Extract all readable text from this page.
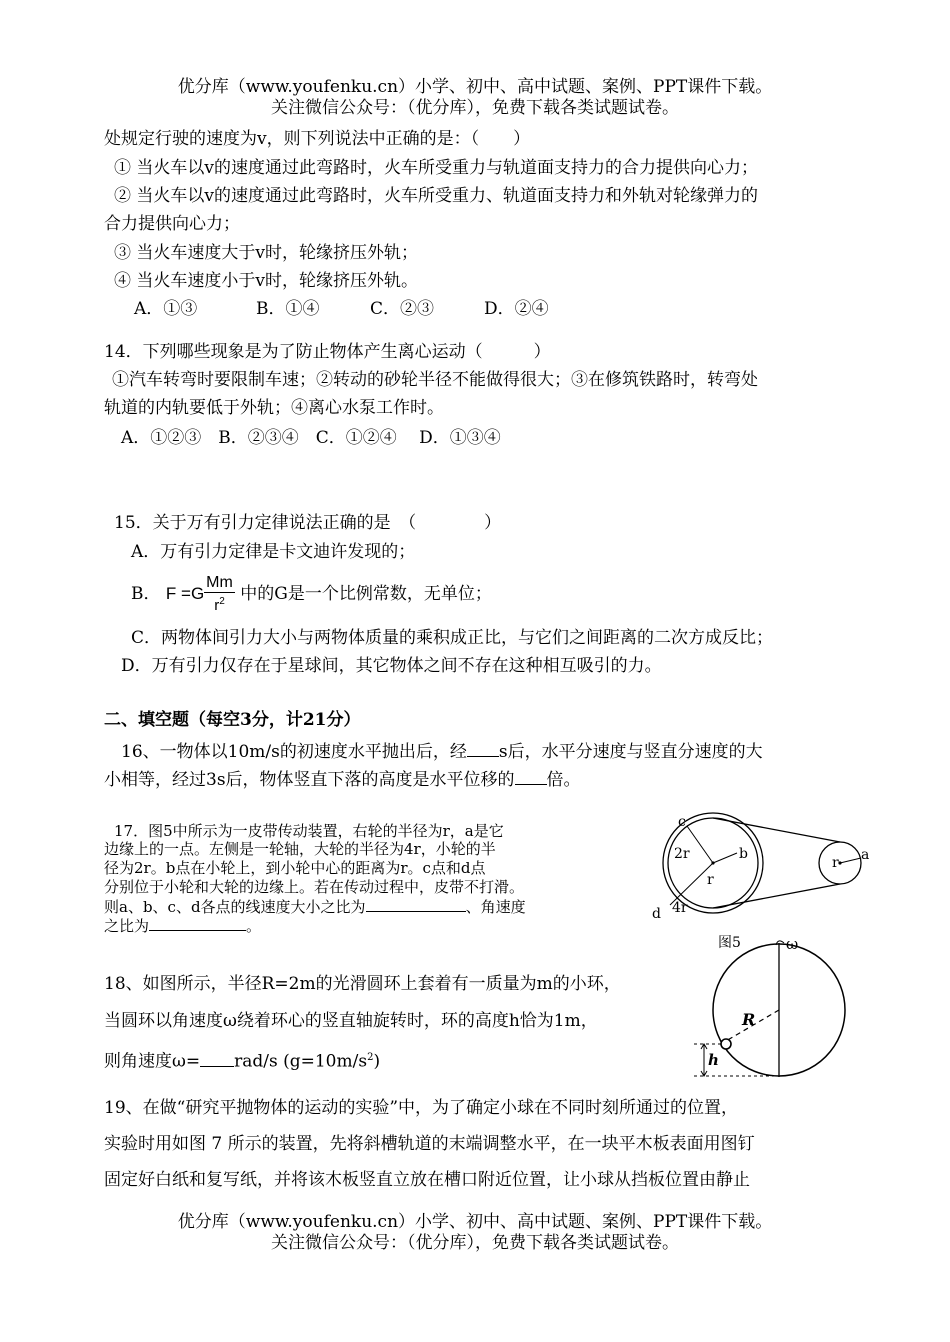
优分库（www.youfenku.cn）小学、初中、高中试题、案例、PPT课件下载。
关注微信公众号：（优分库），免费下载各类试题试卷。
处规定行驶的速度为v，则下列说法中正确的是：（　　）
① 当火车以v的速度通过此弯路时，火车所受重力与轨道面支持力的合力提供向心力；
② 当火车以v的速度通过此弯路时，火车所受重力、轨道面支持力和外轨对轮缘弹力的
合力提供向心力；
③ 当火车速度大于v时，轮缘挤压外轨；
④ 当火车速度小于v时，轮缘挤压外轨。
A．①③	B．①④	C．②③	D．②④
14．下列哪些现象是为了防止物体产生离心运动（　　　）
①汽车转弯时要限制车速；②转动的砂轮半径不能做得很大；③在修筑铁路时，转弯处
轨道的内轨要低于外轨；④离心水泵工作时。
A．①②③　B．②③④　C．①②④　 D．①③④
15．关于万有引力定律说法正确的是　（　　　　）
A．万有引力定律是卡文迪许发现的；
B． $F =G \frac{Mm}{r^2}$ 中的G是一个比例常数，无单位；
C．两物体间引力大小与两物体质量的乘积成正比，与它们之间距离的二次方成反比；
D．万有引力仅存在于星球间，其它物体之间不存在这种相互吸引的力。
二、填空题（每空3分，计21分）
16、一物体以10m/s的初速度水平抛出后，经 s后，水平分速度与竖直分速度的大
小相等，经过3s后，物体竖直下落的高度是水平位移的 倍。
17．图5中所示为一皮带传动装置，右轮的半径为r，a是它
边缘上的一点。左侧是一轮轴，大轮的半径为4r，小轮的半
径为2r。b点在小轮上，到小轮中心的距离为r。c点和d点
分别位于小轮和大轮的边缘上。若在传动过程中，皮带不打滑。
则a、b、c、d各点的线速度大小之比为	、角速度
之比为	。
c
2r	b
r
d 4r
r a
图5
18、如图所示，半径R=2m的光滑圆环上套着有一质量为m的小环，
当圆环以角速度ω绕着环心的竖直轴旋转时，环的高度h恰为1m，
则角速度ω= rad/s $(g=10m/s^2)$
ω
R
h
19、在做“研究平抛物体的运动的实验”中，为了确定小球在不同时刻所通过的位置，
实验时用如图 7 所示的装置，先将斜槽轨道的末端调整水平，在一块平木板表面用图钉
固定好白纸和复写纸，并将该木板竖直立放在槽口附近位置，让小球从挡板位置由静止
优分库（www.youfenku.cn）小学、初中、高中试题、案例、PPT课件下载。
关注微信公众号：（优分库），免费下载各类试题试卷。
